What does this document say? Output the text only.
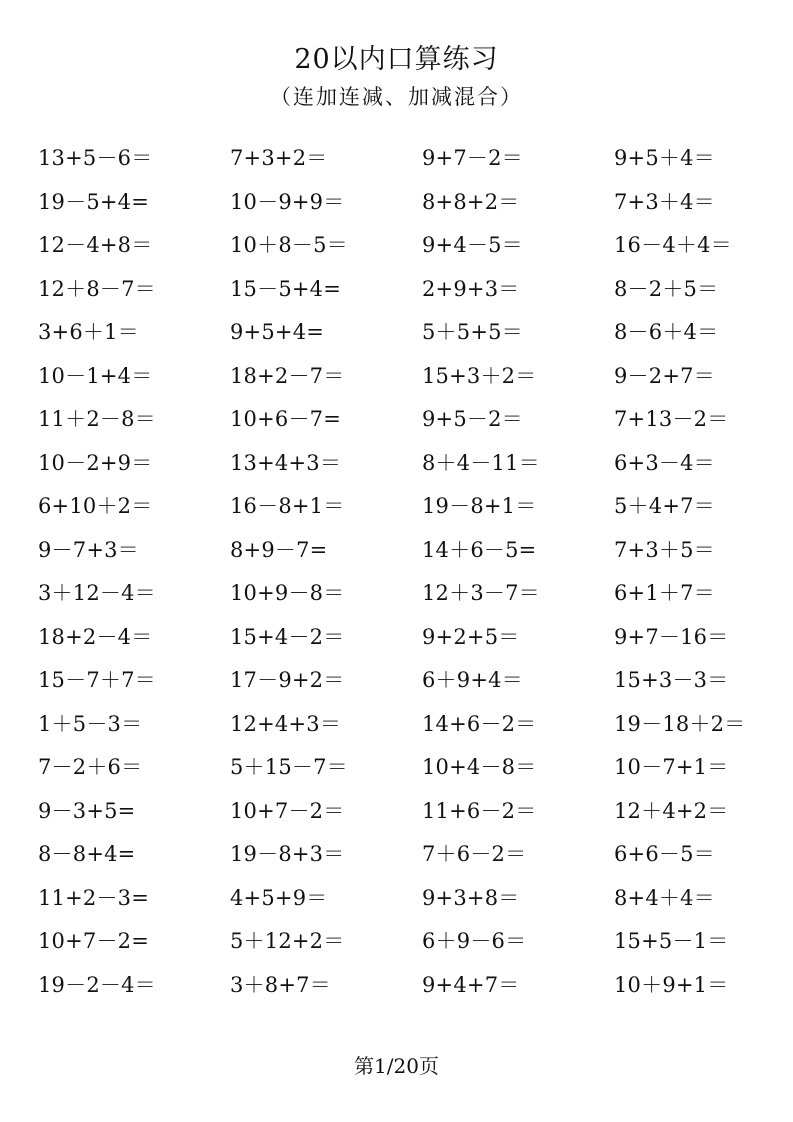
20以内口算练习
（连加连减、加减混合）
13+5－6＝	7+3+2＝	9+7－2＝	9+5＋4＝
19－5+4=	10－9+9＝	8+8+2＝	7+3＋4＝
12－4+8＝	10＋8－5＝	9+4－5＝	16－4＋4＝
12＋8－7＝	15－5+4=	2+9+3＝	8－2＋5＝
3+6＋1＝	9+5+4=	5＋5+5＝	8－6＋4＝
10－1+4＝	18+2－7＝	15+3＋2＝	9－2+7＝
11＋2－8＝	10+6－7=	9+5－2＝	7+13－2＝
10－2+9＝	13+4+3＝	8＋4－11＝	6+3－4＝
6+10＋2＝	16－8+1＝	19－8+1＝	5＋4+7＝
9－7+3＝	8+9－7=	14＋6－5=	7+3＋5＝
3＋12－4＝	10+9－8＝	12＋3－7＝	6+1＋7＝
18+2－4＝	15+4－2＝	9+2+5＝	9+7－16＝
15－7＋7＝	17－9+2＝	6＋9+4＝	15+3－3＝
1＋5－3＝	12+4+3＝	14+6－2＝	19－18＋2＝
7－2＋6＝	5＋15－7＝	10+4－8＝	10－7+1＝
9－3+5=	10+7－2＝	11+6－2＝	12＋4+2＝
8－8+4=	19－8+3＝	7＋6－2＝	6+6－5＝
11+2－3=	4+5+9＝	9+3+8＝	8+4＋4＝
10+7－2=	5＋12+2＝	6＋9－6＝	15+5－1＝
19－2－4＝	3＋8+7＝	9+4+7＝	10＋9+1＝
第1/20页
